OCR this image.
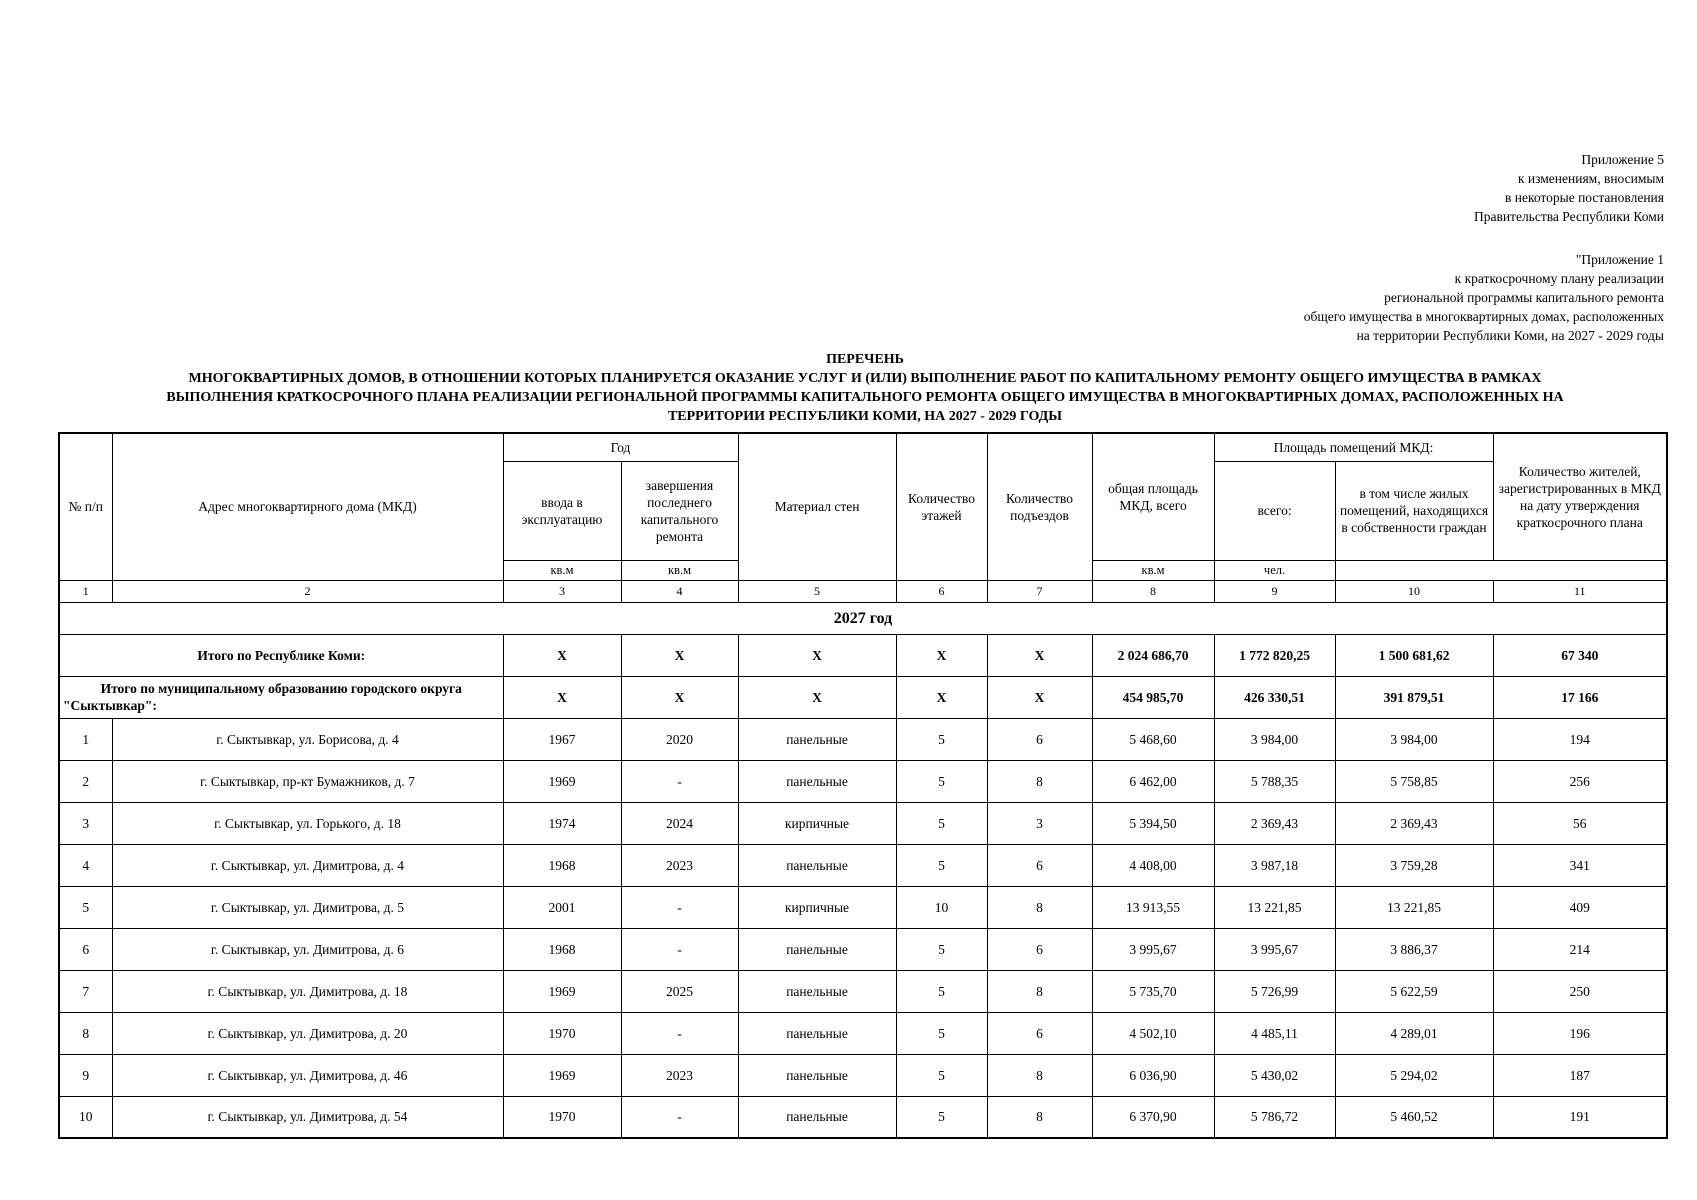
Приложение 5
к изменениям, вносимым
в некоторые постановления
Правительства Республики Коми
"Приложение 1
к краткосрочному плану реализации
региональной программы капитального ремонта
общего имущества в многоквартирных домах, расположенных
на территории Республики Коми, на 2027 - 2029 годы
ПЕРЕЧЕНЬ
МНОГОКВАРТИРНЫХ ДОМОВ, В ОТНОШЕНИИ КОТОРЫХ ПЛАНИРУЕТСЯ ОКАЗАНИЕ УСЛУГ И (ИЛИ) ВЫПОЛНЕНИЕ РАБОТ ПО КАПИТАЛЬНОМУ РЕМОНТУ ОБЩЕГО ИМУЩЕСТВА В РАМКАХ
ВЫПОЛНЕНИЯ КРАТКОСРОЧНОГО ПЛАНА РЕАЛИЗАЦИИ РЕГИОНАЛЬНОЙ ПРОГРАММЫ КАПИТАЛЬНОГО РЕМОНТА ОБЩЕГО ИМУЩЕСТВА В МНОГОКВАРТИРНЫХ ДОМАХ, РАСПОЛОЖЕННЫХ НА
ТЕРРИТОРИИ РЕСПУБЛИКИ КОМИ, НА 2027 - 2029 ГОДЫ
№ п/п	Адрес многоквартирного дома (МКД)	Год		Материал стен	Количество этажей	Количество подъездов	общая площадь МКД, всего	Площадь помещений МКД:		Количество жителей, зарегистрированных в МКД на дату утверждения краткосрочного плана
		ввода в эксплуатацию	завершения последнего капитального ремонта					всего:	в том числе жилых помещений, находящихся в собственности граждан	
		кв.м	кв.м				кв.м	чел.		
1	2	3	4	5	6	7	8	9	10	11
2027 год										
Итого по Республике Коми:		X	X	X	X	X	2 024 686,70	1 772 820,25	1 500 681,62	67 340
Итого по муниципальному образованию городского округа "Сыктывкар":		X	X	X	X	X	454 985,70	426 330,51	391 879,51	17 166
1	г. Сыктывкар, ул. Борисова, д. 4	1967	2020	панельные	5	6	5 468,60	3 984,00	3 984,00	194
2	г. Сыктывкар, пр-кт Бумажников, д. 7	1969	-	панельные	5	8	6 462,00	5 788,35	5 758,85	256
3	г. Сыктывкар, ул. Горького, д. 18	1974	2024	кирпичные	5	3	5 394,50	2 369,43	2 369,43	56
4	г. Сыктывкар, ул. Димитрова, д. 4	1968	2023	панельные	5	6	4 408,00	3 987,18	3 759,28	341
5	г. Сыктывкар, ул. Димитрова, д. 5	2001	-	кирпичные	10	8	13 913,55	13 221,85	13 221,85	409
6	г. Сыктывкар, ул. Димитрова, д. 6	1968	-	панельные	5	6	3 995,67	3 995,67	3 886,37	214
7	г. Сыктывкар, ул. Димитрова, д. 18	1969	2025	панельные	5	8	5 735,70	5 726,99	5 622,59	250
8	г. Сыктывкар, ул. Димитрова, д. 20	1970	-	панельные	5	6	4 502,10	4 485,11	4 289,01	196
9	г. Сыктывкар, ул. Димитрова, д. 46	1969	2023	панельные	5	8	6 036,90	5 430,02	5 294,02	187
10	г. Сыктывкар, ул. Димитрова, д. 54	1970	-	панельные	5	8	6 370,90	5 786,72	5 460,52	191
